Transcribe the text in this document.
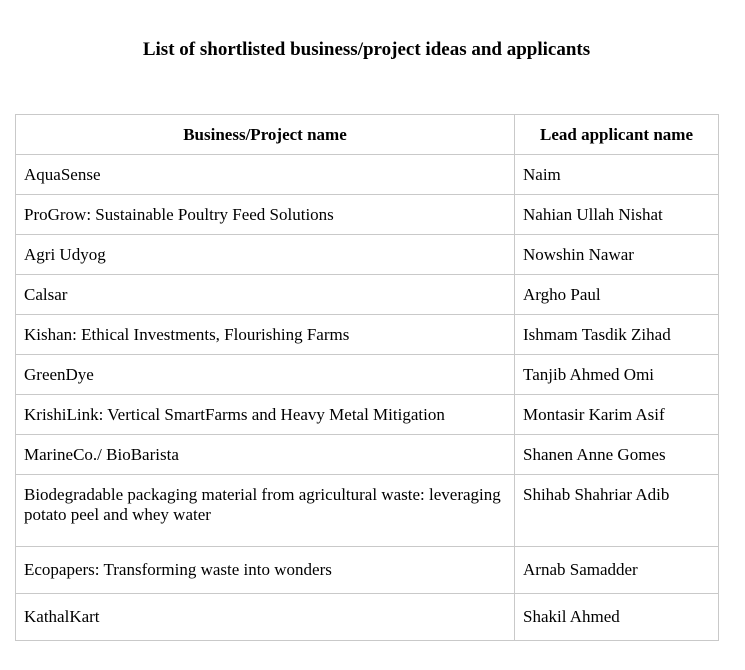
List of shortlisted business/project ideas and applicants
Business/Project name	Lead applicant name
AquaSense	Naim
ProGrow: Sustainable Poultry Feed Solutions	Nahian Ullah Nishat
Agri Udyog	Nowshin Nawar
Calsar	Argho Paul
Kishan: Ethical Investments, Flourishing Farms	Ishmam Tasdik Zihad
GreenDye	Tanjib Ahmed Omi
KrishiLink: Vertical SmartFarms and Heavy Metal Mitigation	Montasir Karim Asif
MarineCo./ BioBarista	Shanen Anne Gomes
Biodegradable packaging material from agricultural waste: leveraging potato peel and whey water	Shihab Shahriar Adib
Ecopapers: Transforming waste into wonders	Arnab Samadder
KathalKart	Shakil Ahmed
